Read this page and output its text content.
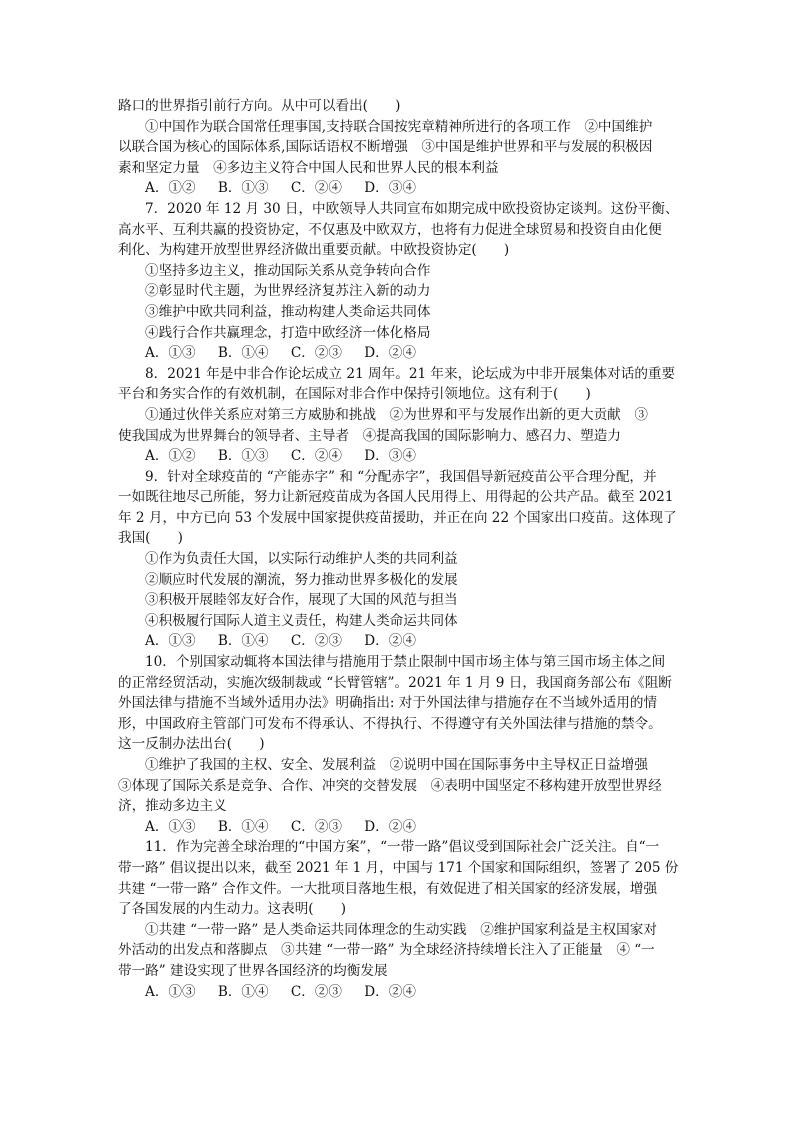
路口的世界指引前行方向。从中可以看出(　　)
①中国作为联合国常任理事国,支持联合国按宪章精神所进行的各项工作　②中国维护
以联合国为核心的国际体系,国际话语权不断增强　③中国是维护世界和平与发展的积极因
素和坚定力量　④多边主义符合中国人民和世界人民的根本利益
A．①②　  B．①③　  C．②④　  D．③④
7．2020 年 12 月 30 日，中欧领导人共同宣布如期完成中欧投资协定谈判。这份平衡、
高水平、互利共赢的投资协定，不仅惠及中欧双方，也将有力促进全球贸易和投资自由化便
利化、为构建开放型世界经济做出重要贡献。中欧投资协定(　　)
①坚持多边主义，推动国际关系从竞争转向合作
②彰显时代主题，为世界经济复苏注入新的动力
③维护中欧共同利益，推动构建人类命运共同体
④践行合作共赢理念，打造中欧经济一体化格局
A．①③　  B．①④　  C．②③　  D．②④
8．2021 年是中非合作论坛成立 21 周年。21 年来，论坛成为中非开展集体对话的重要
平台和务实合作的有效机制，在国际对非合作中保持引领地位。这有利于(　　)
①通过伙伴关系应对第三方威胁和挑战　②为世界和平与发展作出新的更大贡献　③
使我国成为世界舞台的领导者、主导者　④提高我国的国际影响力、感召力、塑造力
A．①②　  B．①③　  C．②④　  D．③④
9．针对全球疫苗的 “产能赤字” 和 “分配赤字”，我国倡导新冠疫苗公平合理分配，并
一如既往地尽己所能，努力让新冠疫苗成为各国人民用得上、用得起的公共产品。截至 2021
年 2 月，中方已向 53 个发展中国家提供疫苗援助，并正在向 22 个国家出口疫苗。这体现了
我国(　　)
①作为负责任大国，以实际行动维护人类的共同利益
②顺应时代发展的潮流，努力推动世界多极化的发展
③积极开展睦邻友好合作，展现了大国的风范与担当
④积极履行国际人道主义责任，构建人类命运共同体
A．①③　  B．①④　  C．②③　  D．②④
10．个别国家动辄将本国法律与措施用于禁止限制中国市场主体与第三国市场主体之间
的正常经贸活动，实施次级制裁或 “长臂管辖”。2021 年 1 月 9 日，我国商务部公布《阻断
外国法律与措施不当域外适用办法》明确指出: 对于外国法律与措施存在不当域外适用的情
形，中国政府主管部门可发布不得承认、不得执行、不得遵守有关外国法律与措施的禁令。
这一反制办法出台(　　)
①维护了我国的主权、安全、发展利益　②说明中国在国际事务中主导权正日益增强
③体现了国际关系是竞争、合作、冲突的交替发展　④表明中国坚定不移构建开放型世界经
济，推动多边主义
A．①③　  B．①④　  C．②③　  D．②④
11．作为完善全球治理的“中国方案”，“一带一路”倡议受到国际社会广泛关注。自“一
带一路” 倡议提出以来，截至 2021 年 1 月，中国与 171 个国家和国际组织，签署了 205 份
共建 “一带一路” 合作文件。一大批项目落地生根，有效促进了相关国家的经济发展，增强
了各国发展的内生动力。这表明(　　)
①共建 “一带一路” 是人类命运共同体理念的生动实践　②维护国家利益是主权国家对
外活动的出发点和落脚点　③共建 “一带一路” 为全球经济持续增长注入了正能量　④ “一
带一路” 建设实现了世界各国经济的均衡发展
A．①③　  B．①④　  C．②③　  D．②④
